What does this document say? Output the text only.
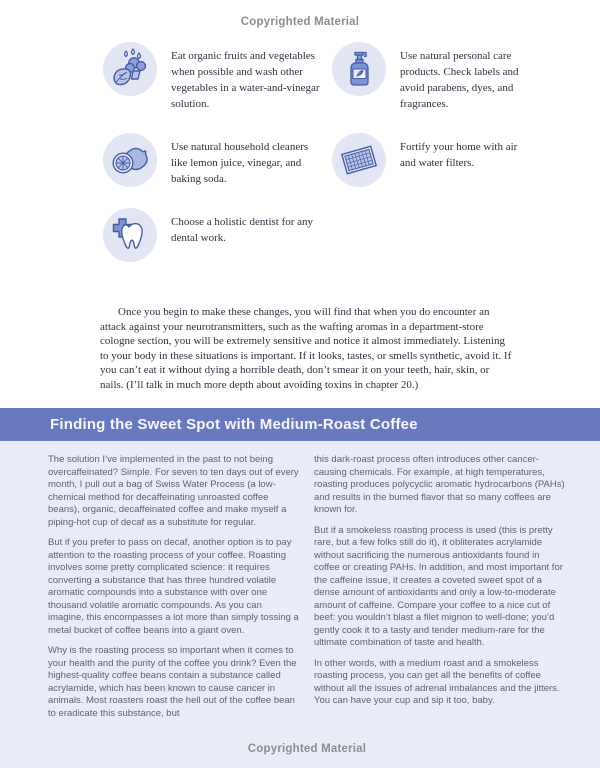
Copyrighted Material
Eat organic fruits and vegetables when possible and wash other vegetables in a water-and-vinegar solution.
Use natural personal care products. Check labels and avoid parabens, dyes, and fragrances.
Use natural household cleaners like lemon juice, vinegar, and baking soda.
Fortify your home with air and water filters.
Choose a holistic dentist for any dental work.

Once you begin to make these changes, you will find that when you do encounter an attack against your neurotransmitters, such as the wafting aromas in a department-store cologne section, you will be extremely sensitive and notice it almost immediately. Listening to your body in these situations is important. If it looks, tastes, or smells synthetic, avoid it. If you can’t eat it without dying a horrible death, don’t smear it on your teeth, hair, skin, or nails. (I’ll talk in much more depth about avoiding toxins in chapter 20.)

Finding the Sweet Spot with Medium-Roast Coffee

The solution I’ve implemented in the past to not being overcaffeinated? Simple. For seven to ten days out of every month, I pull out a bag of Swiss Water Process (a low-chemical method for decaffeinating unroasted coffee beans), organic, decaffeinated coffee and make myself a piping-hot cup of decaf as a substitute for regular.

But if you prefer to pass on decaf, another option is to pay attention to the roasting process of your coffee. Roasting involves some pretty complicated science: it requires converting a substance that has three hundred volatile aromatic compounds into a substance with over one thousand volatile aromatic compounds. As you can imagine, this encompasses a lot more than simply tossing a metal bucket of coffee beans into a giant oven.

Why is the roasting process so important when it comes to your health and the purity of the coffee you drink? Even the highest-quality coffee beans contain a substance called acrylamide, which has been known to cause cancer in animals. Most roasters roast the hell out of the coffee bean to eradicate this substance, but

this dark-roast process often introduces other cancer-causing chemicals. For example, at high temperatures, roasting produces polycyclic aromatic hydrocarbons (PAHs) and results in the burned flavor that so many coffees are known for.

But if a smokeless roasting process is used (this is pretty rare, but a few folks still do it), it obliterates acrylamide without sacrificing the numerous antioxidants found in coffee or creating PAHs. In addition, and most important for the caffeine issue, it creates a coveted sweet spot of a dense amount of antioxidants and only a low-to-moderate amount of caffeine. Compare your coffee to a nice cut of beef: you wouldn’t blast a filet mignon to well-done; you’d gently cook it to a tasty and tender medium-rare for the ultimate combination of taste and health.

In other words, with a medium roast and a smokeless roasting process, you can get all the benefits of coffee without all the issues of adrenal imbalances and the jitters. You can have your cup and sip it too, baby.

Copyrighted Material
